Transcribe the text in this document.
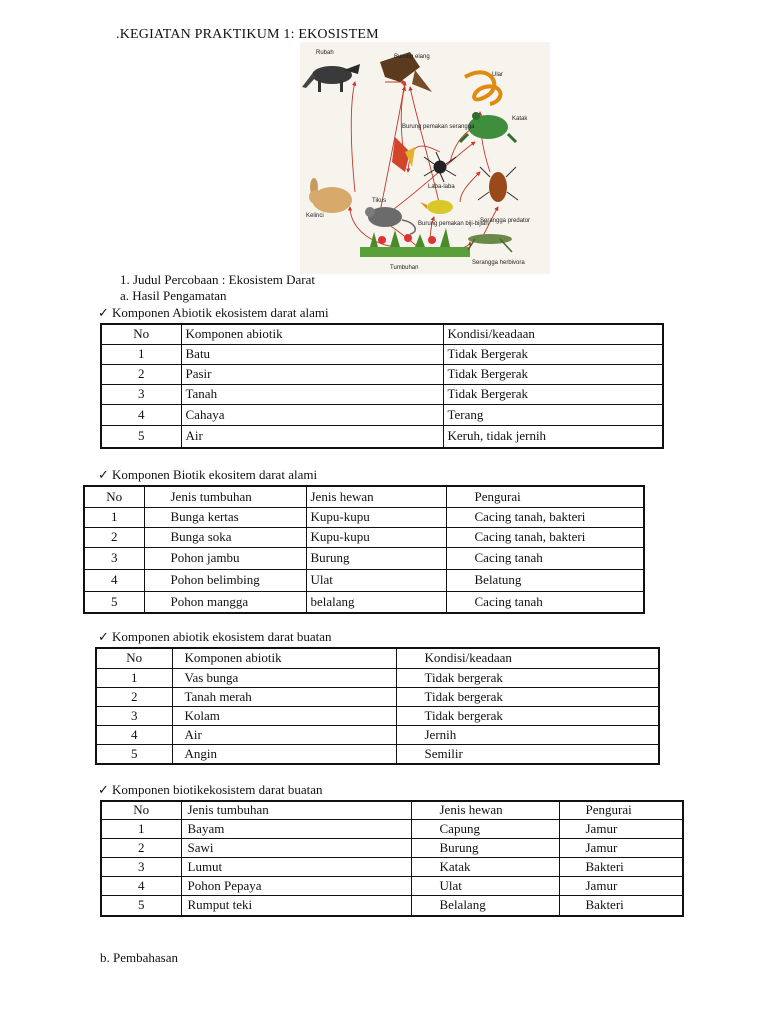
.KEGIATAN PRAKTIKUM 1: EKOSISTEM
Rubah
Burung elang
Ular
Katak
Burung pemakan serangga
Laba-laba
Serangga predator
Kelinci
Tikus
Burung pemakan biji-bijian
Tumbuhan
Serangga herbivora
1. Judul Percobaan : Ekosistem Darat
a. Hasil Pengamatan
✓ Komponen Abiotik ekosistem darat alami
No	Komponen abiotik	Kondisi/keadaan
1	Batu	Tidak Bergerak
2	Pasir	Tidak Bergerak
3	Tanah	Tidak Bergerak
4	Cahaya	Terang
5	Air	Keruh, tidak jernih
✓ Komponen Biotik ekositem darat alami
No	Jenis tumbuhan	Jenis hewan	Pengurai
1	Bunga kertas	Kupu-kupu	Cacing tanah, bakteri
2	Bunga soka	Kupu-kupu	Cacing tanah, bakteri
3	Pohon jambu	Burung	Cacing tanah
4	Pohon belimbing	Ulat	Belatung
5	Pohon mangga	belalang	Cacing tanah
✓ Komponen abiotik ekosistem darat buatan
No	Komponen abiotik	Kondisi/keadaan
1	Vas bunga	Tidak bergerak
2	Tanah merah	Tidak bergerak
3	Kolam	Tidak bergerak
4	Air	Jernih
5	Angin	Semilir
✓ Komponen biotikekosistem darat buatan
No	Jenis tumbuhan	Jenis hewan	Pengurai
1	Bayam	Capung	Jamur
2	Sawi	Burung	Jamur
3	Lumut	Katak	Bakteri
4	Pohon Pepaya	Ulat	Jamur
5	Rumput teki	Belalang	Bakteri
b. Pembahasan
